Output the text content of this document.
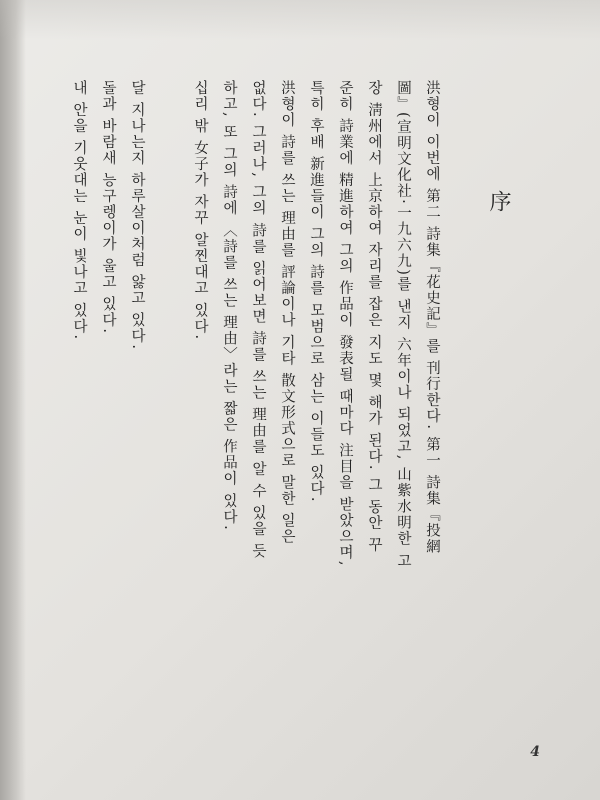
序
洪형이 이번에 第二 詩集『花史記』를 刊行한다. 第一 詩集『投網
圖』(宣明文化社·一九六九)를 낸지 六年이나 되었고, 山紫水明한 고
장 淸州에서 上京하여 자리를 잡은 지도 몇 해가 된다. 그 동안 꾸
준히 詩業에 精進하여 그의 作品이 發表될 때마다 注目을 받았으며,
특히 후배 新進들이 그의 詩를 모범으로 삼는 이들도 있다.
洪형이 詩를 쓰는 理由를 評論이나 기타 散文形式으로 말한 일은
없다. 그러나, 그의 詩를 읽어보면 詩를 쓰는 理由를 알 수 있을 듯
하고, 또 그의 詩에 〈詩를 쓰는 理由〉라는 짧은 作品이 있다.
십리 밖 女子가 자꾸 알찐대고 있다.
달 지나는지 하루살이처럼 앓고 있다.
돌과 바람새 능구렝이가 울고 있다.
내 안을 기웃대는 눈이 빛나고 있다.
4
